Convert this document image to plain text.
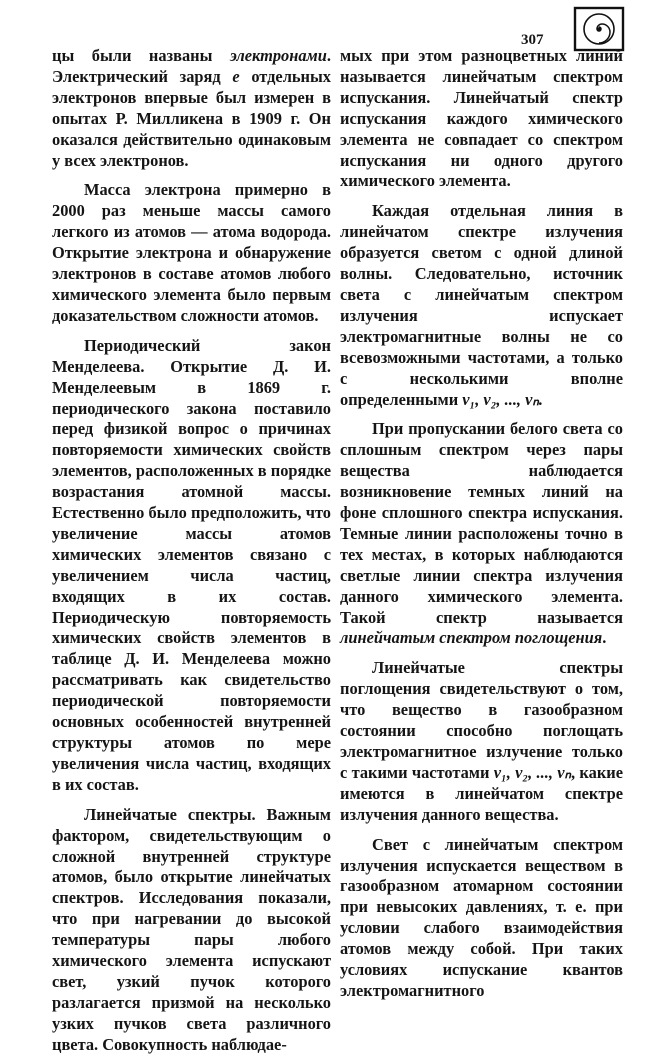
307

цы были названы электронами. Электрический заряд e отдельных электронов впервые был измерен в опытах Р. Милликена в 1909 г. Он оказался действительно одинаковым у всех электронов.

Масса электрона примерно в 2000 раз меньше массы самого легкого из атомов — атома водорода. Открытие электрона и обнаружение электронов в составе атомов любого химического элемента было первым доказательством сложности атомов.

Периодический закон Менделеева. Открытие Д. И. Менделеевым в 1869 г. периодического закона поставило перед физикой вопрос о причинах повторяемости химических свойств элементов, расположенных в порядке возрастания атомной массы. Естественно было предположить, что увеличение массы атомов химических элементов связано с увеличением числа частиц, входящих в их состав. Периодическую повторяемость химических свойств элементов в таблице Д. И. Менделеева можно рассматривать как свидетельство периодической повторяемости основных особенностей внутренней структуры атомов по мере увеличения числа частиц, входящих в их состав.

Линейчатые спектры. Важным фактором, свидетельствующим о сложной внутренней структуре атомов, было открытие линейчатых спектров. Исследования показали, что при нагревании до высокой температуры пары любого химического элемента испускают свет, узкий пучок которого разлагается призмой на несколько узких пучков света различного цвета. Совокупность наблюдае-

мых при этом разноцветных линий называется линейчатым спектром испускания. Линейчатый спектр испускания каждого химического элемента не совпадает со спектром испускания ни одного другого химического элемента.

Каждая отдельная линия в линейчатом спектре излучения образуется светом с одной длиной волны. Следовательно, источник света с линейчатым спектром излучения испускает электромагнитные волны не со всевозможными частотами, а только с несколькими вполне определенными ν₁, ν₂, ..., νₙ.

При пропускании белого света со сплошным спектром через пары вещества наблюдается возникновение темных линий на фоне сплошного спектра испускания. Темные линии расположены точно в тех местах, в которых наблюдаются светлые линии спектра излучения данного химического элемента. Такой спектр называется линейчатым спектром поглощения.

Линейчатые спектры поглощения свидетельствуют о том, что вещество в газообразном состоянии способно поглощать электромагнитное излучение только с такими частотами ν₁, ν₂, ..., νₙ, какие имеются в линейчатом спектре излучения данного вещества.

Свет с линейчатым спектром излучения испускается веществом в газообразном атомарном состоянии при невысоких давлениях, т. е. при условии слабого взаимодействия атомов между собой. При таких условиях испускание квантов электромагнитного
